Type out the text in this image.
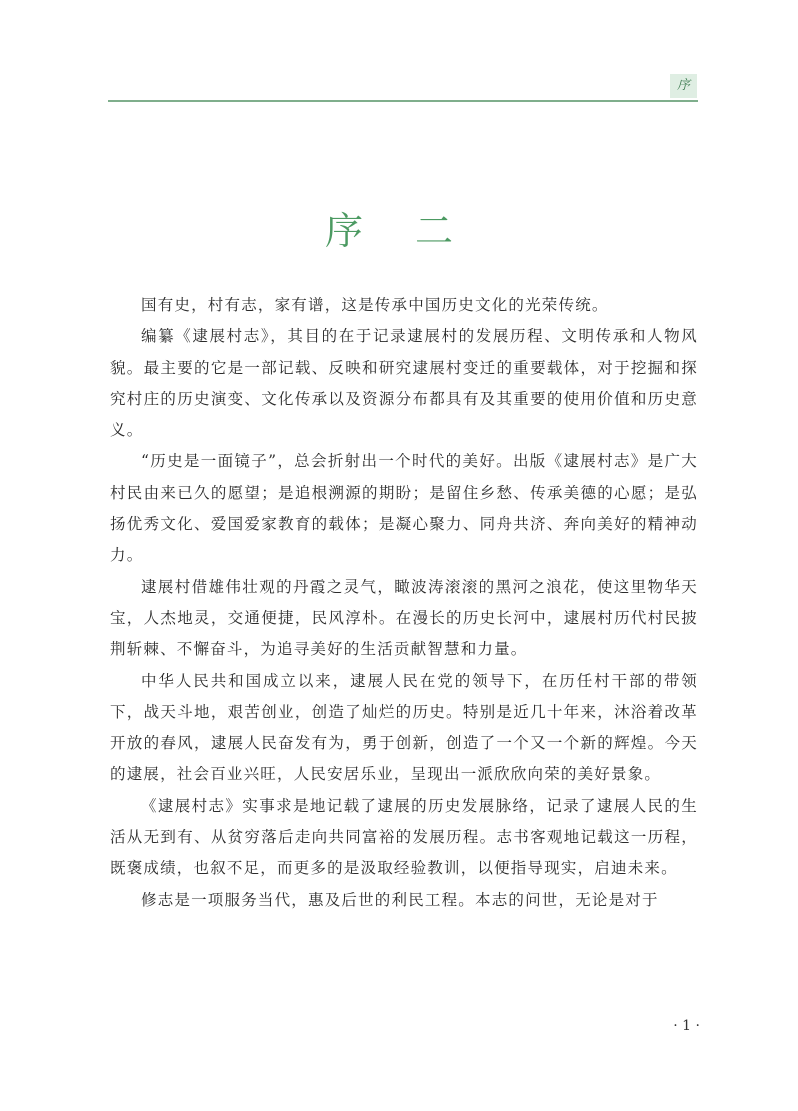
序
序 二

国有史，村有志，家有谱，这是传承中国历史文化的光荣传统。

编纂《逮展村志》，其目的在于记录逮展村的发展历程、文明传承和人物风貌。最主要的它是一部记载、反映和研究逮展村变迁的重要载体，对于挖掘和探究村庄的历史演变、文化传承以及资源分布都具有及其重要的使用价值和历史意义。

“历史是一面镜子”，总会折射出一个时代的美好。出版《逮展村志》是广大村民由来已久的愿望；是追根溯源的期盼；是留住乡愁、传承美德的心愿；是弘扬优秀文化、爱国爱家教育的载体；是凝心聚力、同舟共济、奔向美好的精神动力。

逮展村借雄伟壮观的丹霞之灵气，瞰波涛滚滚的黑河之浪花，使这里物华天宝，人杰地灵，交通便捷，民风淳朴。在漫长的历史长河中，逮展村历代村民披荆斩棘、不懈奋斗，为追寻美好的生活贡献智慧和力量。

中华人民共和国成立以来，逮展人民在党的领导下，在历任村干部的带领下，战天斗地，艰苦创业，创造了灿烂的历史。特别是近几十年来，沐浴着改革开放的春风，逮展人民奋发有为，勇于创新，创造了一个又一个新的辉煌。今天的逮展，社会百业兴旺，人民安居乐业，呈现出一派欣欣向荣的美好景象。

《逮展村志》实事求是地记载了逮展的历史发展脉络，记录了逮展人民的生活从无到有、从贫穷落后走向共同富裕的发展历程。志书客观地记载这一历程，既褒成绩，也叙不足，而更多的是汲取经验教训，以便指导现实，启迪未来。

修志是一项服务当代，惠及后世的利民工程。本志的问世，无论是对于

· 1 ·
